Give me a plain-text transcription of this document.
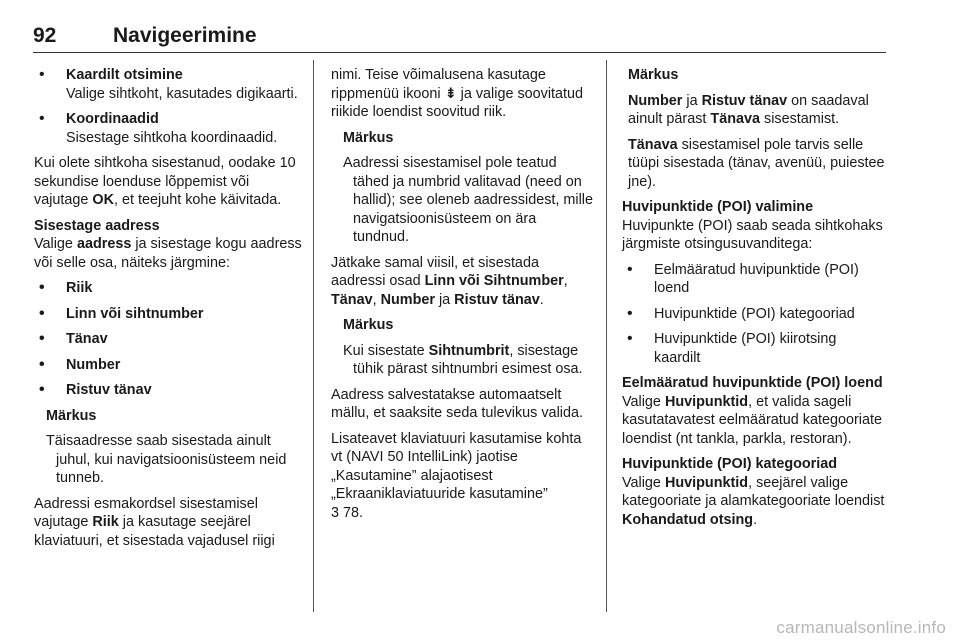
92	Navigeerimine
• Kaardilt otsimine
Valige sihtkoht, kasutades digikaarti.
• Koordinaadid
Sisestage sihtkoha koordinaadid.

Kui olete sihtkoha sisestanud, oodake 10 sekundise loenduse lõppemist või vajutage OK, et teejuht kohe käivitada.

Sisestage aadress

Valige aadress ja sisestage kogu aadress või selle osa, näiteks järgmine:

• Riik
• Linn või sihtnumber
• Tänav
• Number
• Ristuv tänav

Märkus

Täisaadresse saab sisestada ainult juhul, kui navigatsioonisüsteem neid tunneb.

Aadressi esmakordsel sisestamisel vajutage Riik ja kasutage seejärel klaviatuuri, et sisestada vajadusel riigi

nimi. Teise võimalusena kasutage rippmenüü ikooni ⇟ ja valige soovitatud riikide loendist soovitud riik.

Märkus

Aadressi sisestamisel pole teatud tähed ja numbrid valitavad (need on hallid); see oleneb aadressidest, mille navigatsioonisüsteem on ära tundnud.

Jätkake samal viisil, et sisestada aadressi osad Linn või Sihtnumber, Tänav, Number ja Ristuv tänav.

Märkus

Kui sisestate Sihtnumbrit, sisestage tühik pärast sihtnumbri esimest osa.

Aadress salvestatakse automaatselt mällu, et saaksite seda tulevikus valida.

Lisateavet klaviatuuri kasutamise kohta vt (NAVI 50 IntelliLink) jaotise „Kasutamine” alajaotisest „Ekraaniklaviatuuride kasutamine”
3 78.

Märkus

Number ja Ristuv tänav on saadaval ainult pärast Tänava sisestamist.

Tänava sisestamisel pole tarvis selle tüüpi sisestada (tänav, avenüü, puiestee jne).

Huvipunktide (POI) valimine

Huvipunkte (POI) saab seada sihtkohaks järgmiste otsingusuvanditega:

• Eelmääratud huvipunktide (POI) loend
• Huvipunktide (POI) kategooriad
• Huvipunktide (POI) kiirotsing kaardilt

Eelmääratud huvipunktide (POI) loend

Valige Huvipunktid, et valida sageli kasutatavatest eelmääratud kategooriate loendist (nt tankla, parkla, restoran).

Huvipunktide (POI) kategooriad

Valige Huvipunktid, seejärel valige kategooriate ja alamkategooriate loendist Kohandatud otsing.

carmanualsonline.info
